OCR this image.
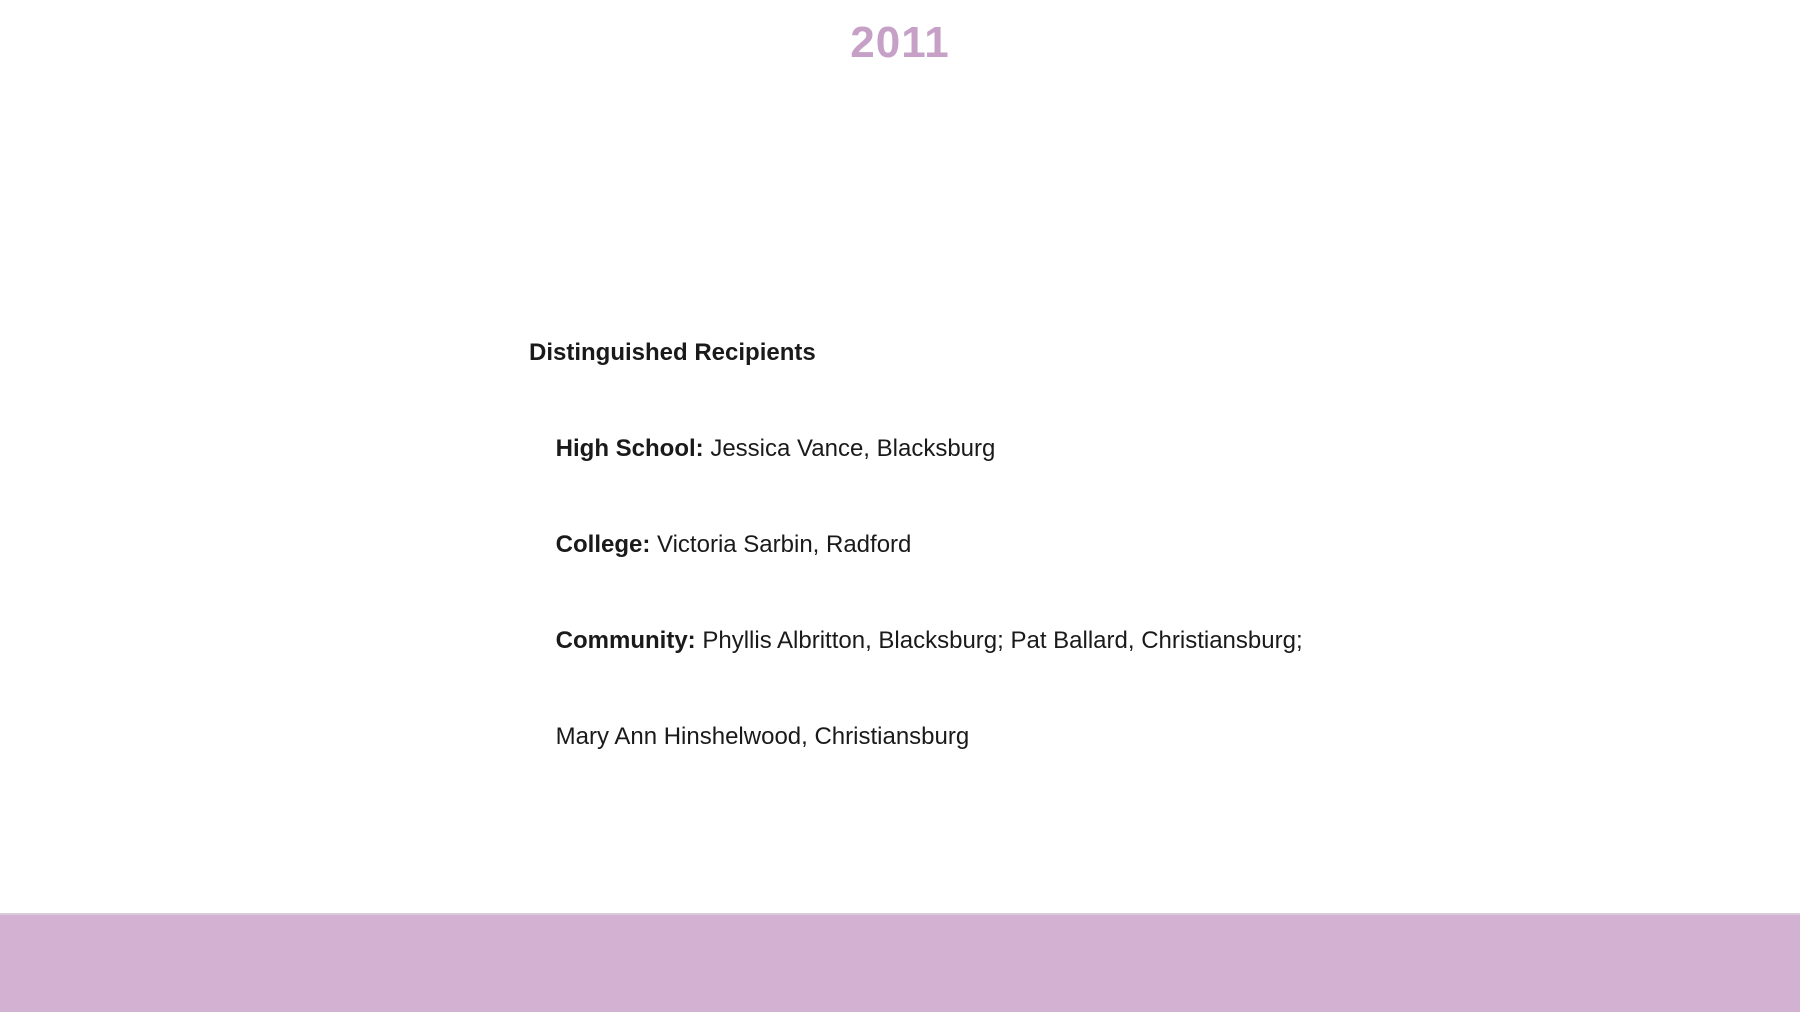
2011
Distinguished Recipients

High School: Jessica Vance, Blacksburg

College: Victoria Sarbin, Radford

Community: Phyllis Albritton, Blacksburg; Pat Ballard, Christiansburg;

Mary Ann Hinshelwood, Christiansburg
